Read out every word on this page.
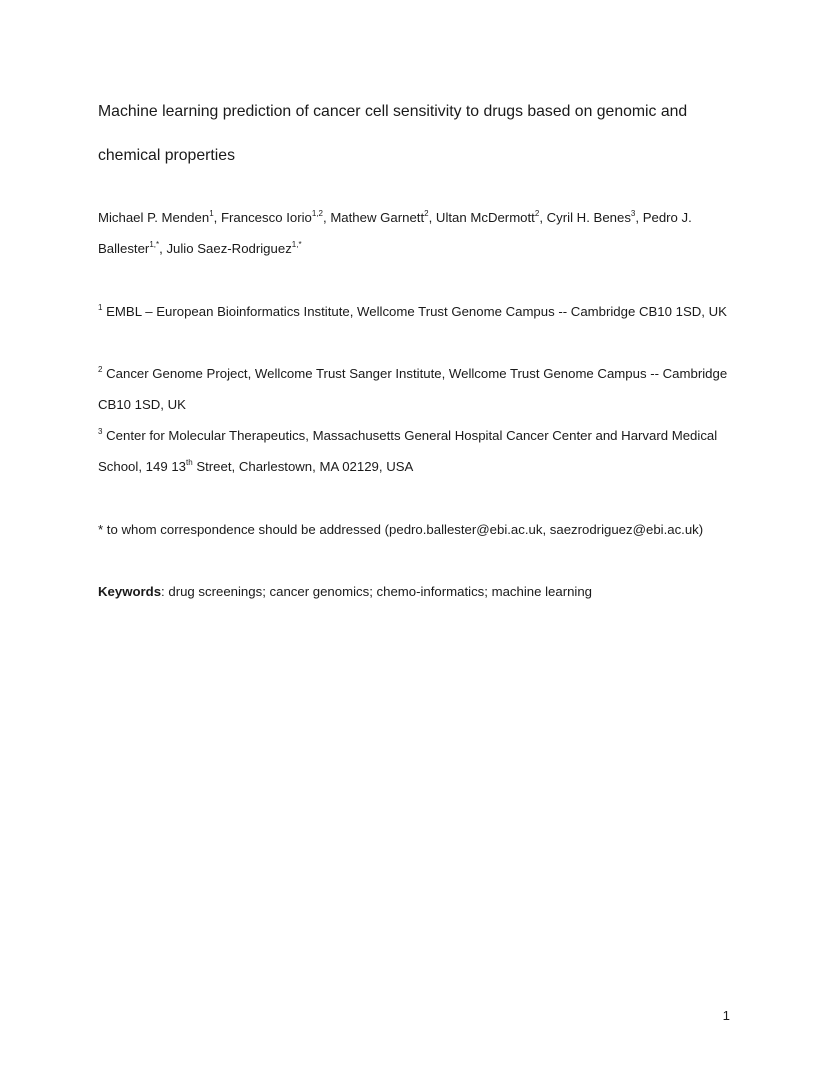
Machine learning prediction of cancer cell sensitivity to drugs based on genomic and chemical properties

Michael P. Menden$^1$, Francesco Iorio$^{1,2}$, Mathew Garnett$^2$, Ultan McDermott$^2$, Cyril H. Benes$^3$, Pedro J. Ballester$^{1,*}$, Julio Saez-Rodriguez$^{1,*}$

$^1$ EMBL – European Bioinformatics Institute, Wellcome Trust Genome Campus -- Cambridge CB10 1SD, UK

$^2$ Cancer Genome Project, Wellcome Trust Sanger Institute, Wellcome Trust Genome Campus -- Cambridge CB10 1SD, UK

$^3$ Center for Molecular Therapeutics, Massachusetts General Hospital Cancer Center and Harvard Medical School, 149 13th Street, Charlestown, MA 02129, USA

* to whom correspondence should be addressed (pedro.ballester@ebi.ac.uk, saezrodriguez@ebi.ac.uk)

Keywords: drug screenings; cancer genomics; chemo-informatics; machine learning

1
